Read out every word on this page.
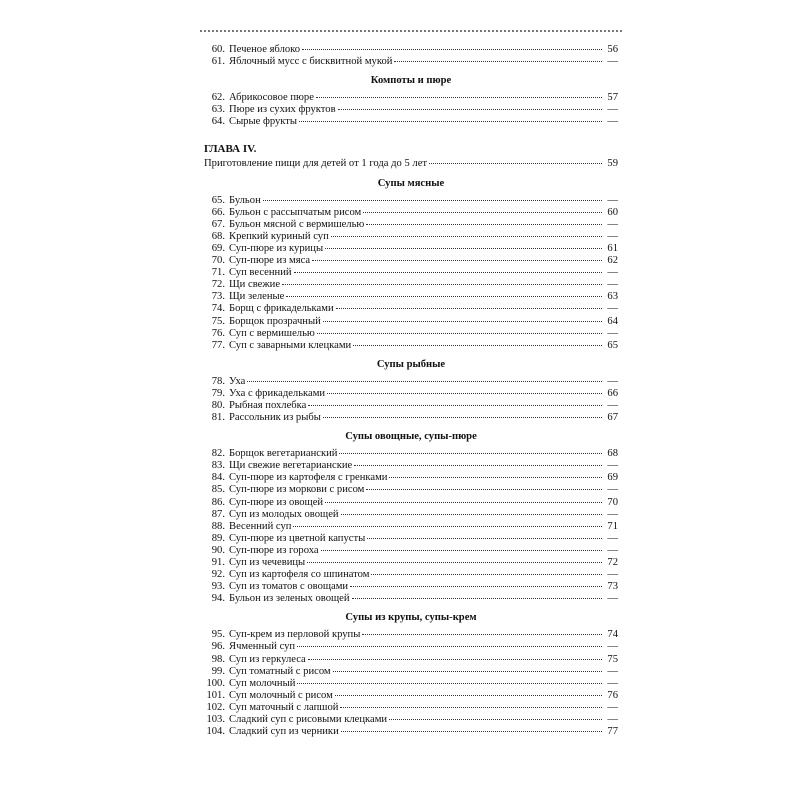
60. Печеное яблоко	56
61. Яблочный мусс с бисквитной мукой	—
Компоты и пюре
62. Абрикосовое пюре	57
63. Пюре из сухих фруктов	—
64. Сырые фрукты	—
ГЛАВА IV.
Приготовление пищи для детей от 1 года до 5 лет	59
Супы мясные
65. Бульон	—
66. Бульон с рассыпчатым рисом	60
67. Бульон мясной с вермишелью	—
68. Крепкий куриный суп	—
69. Суп-пюре из курицы	61
70. Суп-пюре из мяса	62
71. Суп весенний	—
72. Щи свежие	—
73. Щи зеленые	63
74. Борщ с фрикадельками	—
75. Борщок прозрачный	64
76. Суп с вермишелью	—
77. Суп с заварными клецками	65
Супы рыбные
78. Уха	—
79. Уха с фрикадельками	66
80. Рыбная похлебка	—
81. Рассольник из рыбы	67
Супы овощные, супы-пюре
82. Борщок вегетарианский	68
83. Щи свежие вегетарианские	—
84. Суп-пюре из картофеля с гренками	69
85. Суп-пюре из моркови с рисом	—
86. Суп-пюре из овощей	70
87. Суп из молодых овощей	—
88. Весенний суп	71
89. Суп-пюре из цветной капусты	—
90. Суп-пюре из гороха	—
91. Суп из чечевицы	72
92. Суп из картофеля со шпинатом	—
93. Суп из томатов с овощами	73
94. Бульон из зеленых овощей	—
Супы из крупы, супы-крем
95. Суп-крем из перловой крупы	74
96. Ячменный суп	—
98. Суп из геркулеса	75
99. Суп томатный с рисом	—
100. Суп молочный	—
101. Суп молочный с рисом	76
102. Суп маточный с лапшой	—
103. Сладкий суп с рисовыми клецками	—
104. Сладкий суп из черники	77
